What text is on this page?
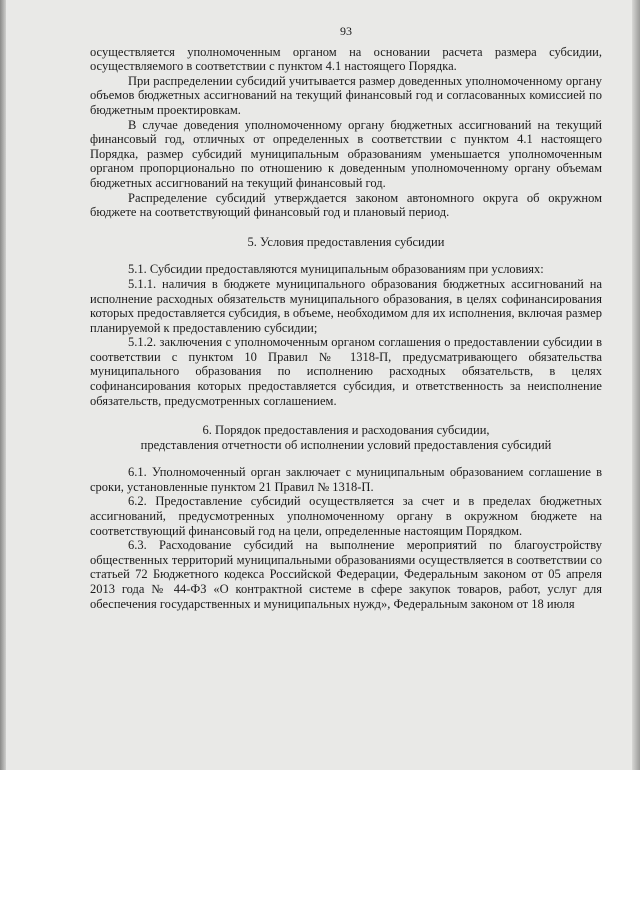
93

осуществляется уполномоченным органом на основании расчета размера субсидии, осуществляемого в соответствии с пунктом 4.1 настоящего Порядка.

При распределении субсидий учитывается размер доведенных уполномоченному органу объемов бюджетных ассигнований на текущий финансовый год и согласованных комиссией по бюджетным проектировкам.

В случае доведения уполномоченному органу бюджетных ассигнований на текущий финансовый год, отличных от определенных в соответствии с пунктом 4.1 настоящего Порядка, размер субсидий муниципальным образованиям уменьшается уполномоченным органом пропорционально по отношению к доведенным уполномоченному органу объемам бюджетных ассигнований на текущий финансовый год.

Распределение субсидий утверждается законом автономного округа об окружном бюджете на соответствующий финансовый год и плановый период.

5. Условия предоставления субсидии

5.1. Субсидии предоставляются муниципальным образованиям при условиях:

5.1.1. наличия в бюджете муниципального образования бюджетных ассигнований на исполнение расходных обязательств муниципального образования, в целях софинансирования которых предоставляется субсидия, в объеме, необходимом для их исполнения, включая размер планируемой к предоставлению субсидии;

5.1.2. заключения с уполномоченным органом соглашения о предоставлении субсидии в соответствии с пунктом 10 Правил № 1318-П, предусматривающего обязательства муниципального образования по исполнению расходных обязательств, в целях софинансирования которых предоставляется субсидия, и ответственность за неисполнение обязательств, предусмотренных соглашением.

6. Порядок предоставления и расходования субсидии,
представления отчетности об исполнении условий предоставления субсидий

6.1. Уполномоченный орган заключает с муниципальным образованием соглашение в сроки, установленные пунктом 21 Правил № 1318-П.

6.2. Предоставление субсидий осуществляется за счет и в пределах бюджетных ассигнований, предусмотренных уполномоченному органу в окружном бюджете на соответствующий финансовый год на цели, определенные настоящим Порядком.

6.3. Расходование субсидий на выполнение мероприятий по благоустройству общественных территорий муниципальными образованиями осуществляется в соответствии со статьей 72 Бюджетного кодекса Российской Федерации, Федеральным законом от 05 апреля 2013 года № 44-ФЗ «О контрактной системе в сфере закупок товаров, работ, услуг для обеспечения государственных и муниципальных нужд», Федеральным законом от 18 июля
